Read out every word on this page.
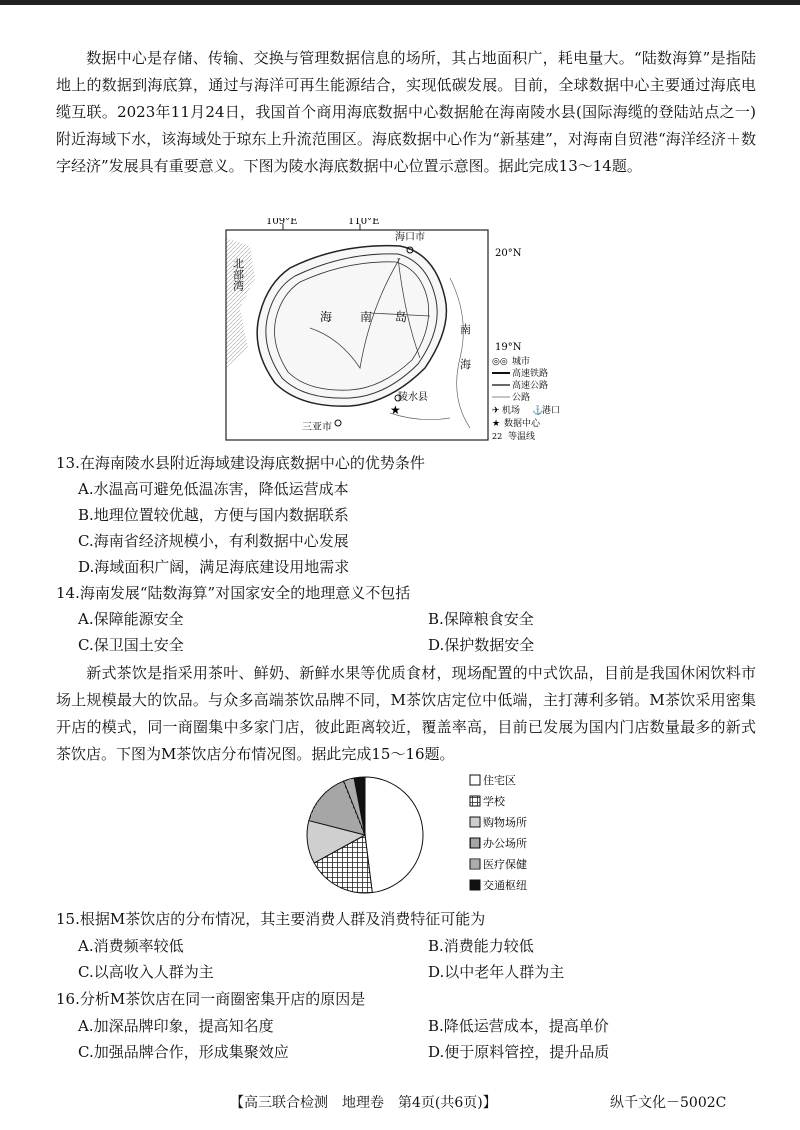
数据中心是存储、传输、交换与管理数据信息的场所，其占地面积广，耗电量大。“陆数海算”是指陆地上的数据到海底算，通过与海洋可再生能源结合，实现低碳发展。目前，全球数据中心主要通过海底电缆互联。2023年11月24日，我国首个商用海底数据中心数据舱在海南陵水县(国际海缆的登陆站点之一)附近海域下水，该海域处于琼东上升流范围区。海底数据中心作为“新基建”，对海南自贸港“海洋经济＋数字经济”发展具有重要意义。下图为陵水海底数据中心位置示意图。据此完成13～14题。
109°E	110°E
20°N
19°N
海口市
北部湾
海 南 岛
陵水县
三亚市
南
海
★
◎◎ 城市
高速铁路
高速公路
公路
✈ 机场 ⚓
港口
★ 数据中心
22 等温线
13.在海南陵水县附近海域建设海底数据中心的优势条件
A.水温高可避免低温冻害，降低运营成本
B.地理位置较优越，方便与国内数据联系
C.海南省经济规模小，有利数据中心发展
D.海域面积广阔，满足海底建设用地需求
14.海南发展“陆数海算”对国家安全的地理意义不包括
A.保障能源安全	B.保障粮食安全
C.保卫国土安全	D.保护数据安全
新式茶饮是指采用茶叶、鲜奶、新鲜水果等优质食材，现场配置的中式饮品，目前是我国休闲饮料市场上规模最大的饮品。与众多高端茶饮品牌不同，M茶饮店定位中低端，主打薄利多销。M茶饮采用密集开店的模式，同一商圈集中多家门店，彼此距离较近，覆盖率高，目前已发展为国内门店数量最多的新式茶饮店。下图为M茶饮店分布情况图。据此完成15～16题。
住宅区
学校
购物场所
办公场所
医疗保健
交通枢纽
15.根据M茶饮店的分布情况，其主要消费人群及消费特征可能为
A.消费频率较低	B.消费能力较低
C.以高收入人群为主	D.以中老年人群为主
16.分析M茶饮店在同一商圈密集开店的原因是
A.加深品牌印象，提高知名度	B.降低运营成本，提高单价
C.加强品牌合作，形成集聚效应	D.便于原料管控，提升品质
【高三联合检测　地理卷　第4页(共6页)】	纵千文化－5002C
